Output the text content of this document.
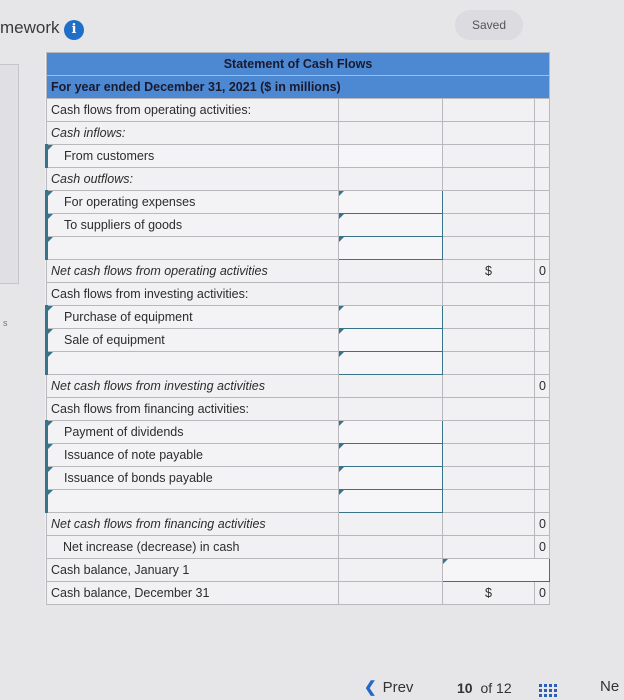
mework i	Saved
s
Statement of Cash Flows			
For year ended December 31, 2021 ($ in millions)			
Cash flows from operating activities:			
Cash inflows:			
From customers			
Cash outflows:			
For operating expenses			
To suppliers of goods			

Net cash flows from operating activities		$	0
Cash flows from investing activities:			
Purchase of equipment			
Sale of equipment			

Net cash flows from investing activities			0
Cash flows from financing activities:			
Payment of dividends			
Issuance of note payable			
Issuance of bonds payable			

Net cash flows from financing activities			0
Net increase (decrease) in cash			0
Cash balance, January 1			
Cash balance, December 31		$	0
❮ Prev	10 of 12	Ne
